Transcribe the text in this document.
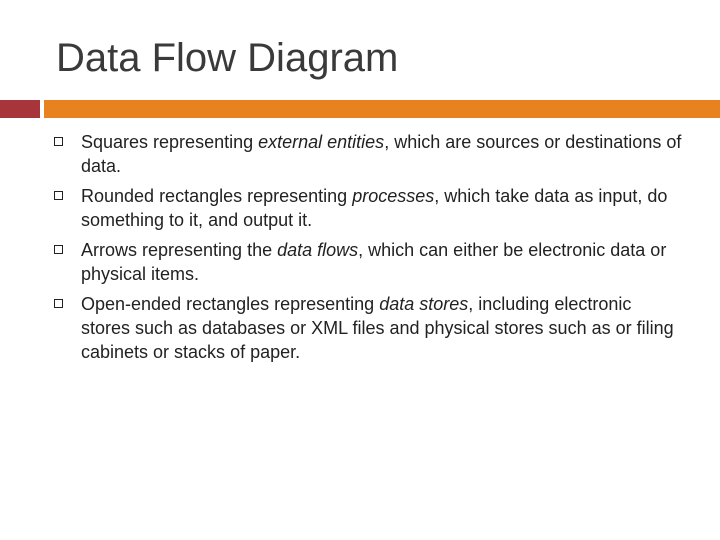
Data Flow Diagram
Squares representing external entities, which are sources or destinations of data.
Rounded rectangles representing processes, which take data as input, do something to it, and output it.
Arrows representing the data flows, which can either be electronic data or physical items.
Open-ended rectangles representing data stores, including electronic stores such as databases or XML files and physical stores such as or filing cabinets or stacks of paper.
